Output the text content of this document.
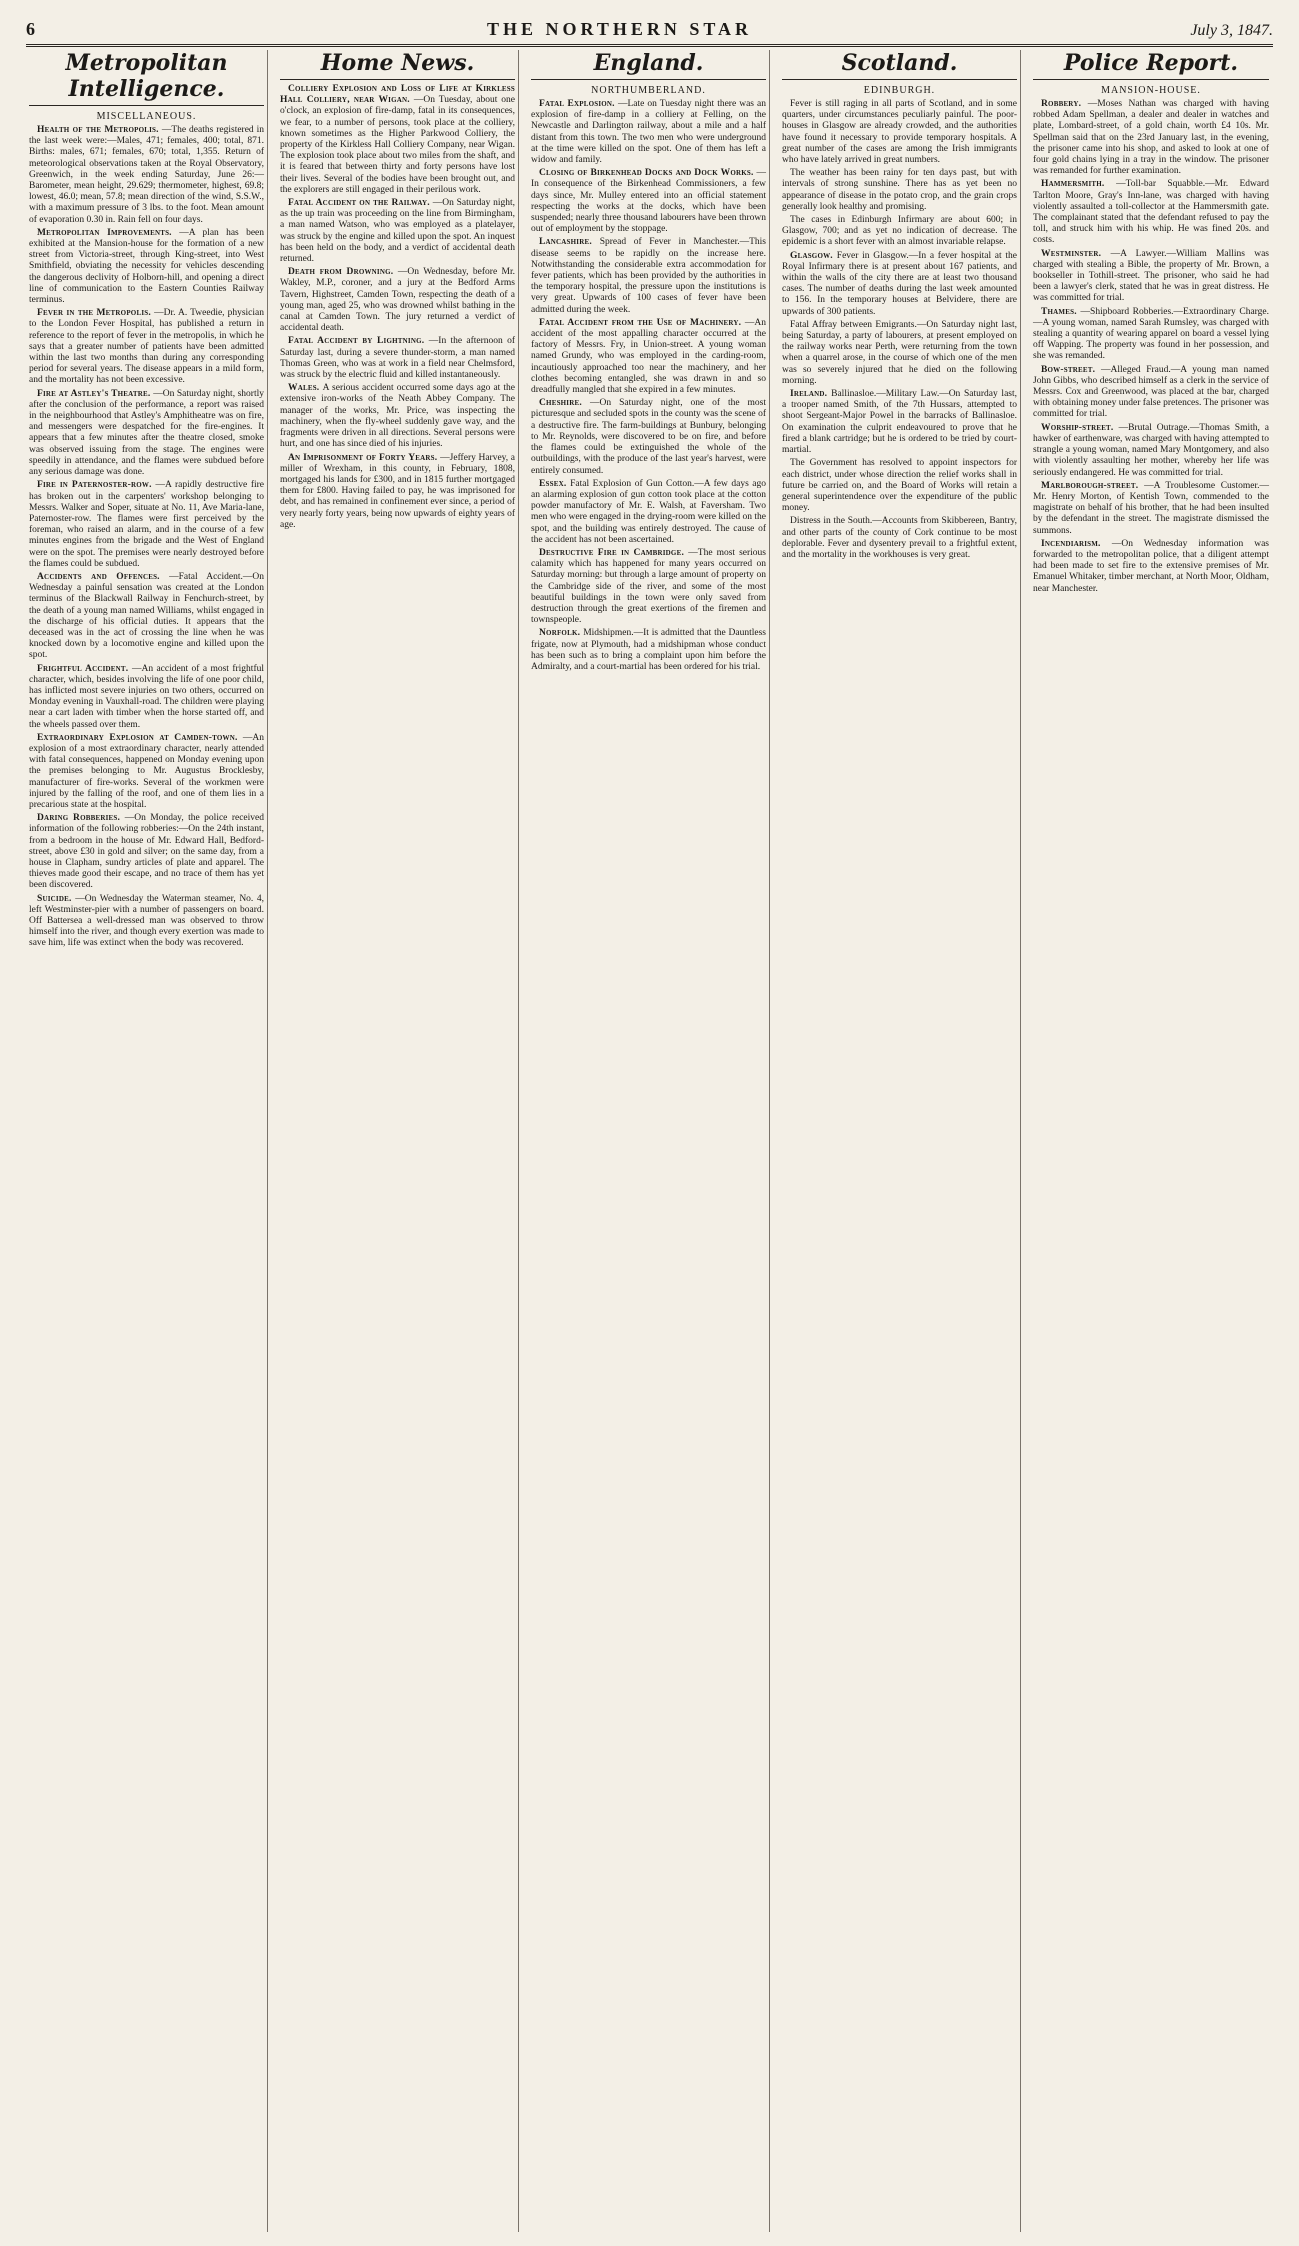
6	THE NORTHERN STAR	July 3, 1847.
Metropolitan Intelligence.
MISCELLANEOUS.

Health of the Metropolis. —The deaths registered in the last week were:—Males, 471; females, 400; total, 871. Births: males, 671; females, 670; total, 1,355. Return of meteorological observations taken at the Royal Observatory, Greenwich, in the week ending Saturday, June 26:—Barometer, mean height, 29.629; thermometer, highest, 69.8; lowest, 46.0; mean, 57.8; mean direction of the wind, S.S.W., with a maximum pressure of 3 lbs. to the foot. Mean amount of evaporation 0.30 in. Rain fell on four days.

Metropolitan Improvements. —A plan has been exhibited at the Mansion-house for the formation of a new street from Victoria-street, through King-street, into West Smithfield, obviating the necessity for vehicles descending the dangerous declivity of Holborn-hill, and opening a direct line of communication to the Eastern Counties Railway terminus.

Fever in the Metropolis. —Dr. A. Tweedie, physician to the London Fever Hospital, has published a return in reference to the report of fever in the metropolis, in which he says that a greater number of patients have been admitted within the last two months than during any corresponding period for several years. The disease appears in a mild form, and the mortality has not been excessive.

Fire at Astley's Theatre. —On Saturday night, shortly after the conclusion of the performance, a report was raised in the neighbourhood that Astley's Amphitheatre was on fire, and messengers were despatched for the fire-engines. It appears that a few minutes after the theatre closed, smoke was observed issuing from the stage. The engines were speedily in attendance, and the flames were subdued before any serious damage was done.

Fire in Paternoster-row. —A rapidly destructive fire has broken out in the carpenters' workshop belonging to Messrs. Walker and Soper, situate at No. 11, Ave Maria-lane, Paternoster-row. The flames were first perceived by the foreman, who raised an alarm, and in the course of a few minutes engines from the brigade and the West of England were on the spot. The premises were nearly destroyed before the flames could be subdued.

Accidents and Offences. —Fatal Accident.—On Wednesday a painful sensation was created at the London terminus of the Blackwall Railway in Fenchurch-street, by the death of a young man named Williams, whilst engaged in the discharge of his official duties. It appears that the deceased was in the act of crossing the line when he was knocked down by a locomotive engine and killed upon the spot.

Frightful Accident. —An accident of a most frightful character, which, besides involving the life of one poor child, has inflicted most severe injuries on two others, occurred on Monday evening in Vauxhall-road. The children were playing near a cart laden with timber when the horse started off, and the wheels passed over them.

Extraordinary Explosion at Camden-town. —An explosion of a most extraordinary character, nearly attended with fatal consequences, happened on Monday evening upon the premises belonging to Mr. Augustus Brocklesby, manufacturer of fire-works. Several of the workmen were injured by the falling of the roof, and one of them lies in a precarious state at the hospital.

Daring Robberies. —On Monday, the police received information of the following robberies:—On the 24th instant, from a bedroom in the house of Mr. Edward Hall, Bedford-street, above £30 in gold and silver; on the same day, from a house in Clapham, sundry articles of plate and apparel. The thieves made good their escape, and no trace of them has yet been discovered.

Suicide. —On Wednesday the Waterman steamer, No. 4, left Westminster-pier with a number of passengers on board. Off Battersea a well-dressed man was observed to throw himself into the river, and though every exertion was made to save him, life was extinct when the body was recovered.

Home News.

Colliery Explosion and Loss of Life at Kirkless Hall Colliery, near Wigan. —On Tuesday, about one o'clock, an explosion of fire-damp, fatal in its consequences, we fear, to a number of persons, took place at the colliery, known sometimes as the Higher Parkwood Colliery, the property of the Kirkless Hall Colliery Company, near Wigan. The explosion took place about two miles from the shaft, and it is feared that between thirty and forty persons have lost their lives. Several of the bodies have been brought out, and the explorers are still engaged in their perilous work.

Fatal Accident on the Railway. —On Saturday night, as the up train was proceeding on the line from Birmingham, a man named Watson, who was employed as a platelayer, was struck by the engine and killed upon the spot. An inquest has been held on the body, and a verdict of accidental death returned.

Death from Drowning. —On Wednesday, before Mr. Wakley, M.P., coroner, and a jury at the Bedford Arms Tavern, Highstreet, Camden Town, respecting the death of a young man, aged 25, who was drowned whilst bathing in the canal at Camden Town. The jury returned a verdict of accidental death.

Fatal Accident by Lightning. —In the afternoon of Saturday last, during a severe thunder-storm, a man named Thomas Green, who was at work in a field near Chelmsford, was struck by the electric fluid and killed instantaneously.

Wales. A serious accident occurred some days ago at the extensive iron-works of the Neath Abbey Company. The manager of the works, Mr. Price, was inspecting the machinery, when the fly-wheel suddenly gave way, and the fragments were driven in all directions. Several persons were hurt, and one has since died of his injuries.

An Imprisonment of Forty Years. —Jeffery Harvey, a miller of Wrexham, in this county, in February, 1808, mortgaged his lands for £300, and in 1815 further mortgaged them for £800. Having failed to pay, he was imprisoned for debt, and has remained in confinement ever since, a period of very nearly forty years, being now upwards of eighty years of age.

England.
NORTHUMBERLAND.

Fatal Explosion. —Late on Tuesday night there was an explosion of fire-damp in a colliery at Felling, on the Newcastle and Darlington railway, about a mile and a half distant from this town. The two men who were underground at the time were killed on the spot. One of them has left a widow and family.

Closing of Birkenhead Docks and Dock Works. —In consequence of the Birkenhead Commissioners, a few days since, Mr. Mulley entered into an official statement respecting the works at the docks, which have been suspended; nearly three thousand labourers have been thrown out of employment by the stoppage.

Lancashire. Spread of Fever in Manchester.—This disease seems to be rapidly on the increase here. Notwithstanding the considerable extra accommodation for fever patients, which has been provided by the authorities in the temporary hospital, the pressure upon the institutions is very great. Upwards of 100 cases of fever have been admitted during the week.

Fatal Accident from the Use of Machinery. —An accident of the most appalling character occurred at the factory of Messrs. Fry, in Union-street. A young woman named Grundy, who was employed in the carding-room, incautiously approached too near the machinery, and her clothes becoming entangled, she was drawn in and so dreadfully mangled that she expired in a few minutes.

Cheshire. —On Saturday night, one of the most picturesque and secluded spots in the county was the scene of a destructive fire. The farm-buildings at Bunbury, belonging to Mr. Reynolds, were discovered to be on fire, and before the flames could be extinguished the whole of the outbuildings, with the produce of the last year's harvest, were entirely consumed.

Essex. Fatal Explosion of Gun Cotton.—A few days ago an alarming explosion of gun cotton took place at the cotton powder manufactory of Mr. E. Walsh, at Faversham. Two men who were engaged in the drying-room were killed on the spot, and the building was entirely destroyed. The cause of the accident has not been ascertained.

Destructive Fire in Cambridge. —The most serious calamity which has happened for many years occurred on Saturday morning: but through a large amount of property on the Cambridge side of the river, and some of the most beautiful buildings in the town were only saved from destruction through the great exertions of the firemen and townspeople.

Norfolk. Midshipmen.—It is admitted that the Dauntless frigate, now at Plymouth, had a midshipman whose conduct has been such as to bring a complaint upon him before the Admiralty, and a court-martial has been ordered for his trial.

Scotland.
EDINBURGH.

Fever is still raging in all parts of Scotland, and in some quarters, under circumstances peculiarly painful. The poor-houses in Glasgow are already crowded, and the authorities have found it necessary to provide temporary hospitals. A great number of the cases are among the Irish immigrants who have lately arrived in great numbers.

The weather has been rainy for ten days past, but with intervals of strong sunshine. There has as yet been no appearance of disease in the potato crop, and the grain crops generally look healthy and promising.

The cases in Edinburgh Infirmary are about 600; in Glasgow, 700; and as yet no indication of decrease. The epidemic is a short fever with an almost invariable relapse.

Glasgow. Fever in Glasgow.—In a fever hospital at the Royal Infirmary there is at present about 167 patients, and within the walls of the city there are at least two thousand cases. The number of deaths during the last week amounted to 156. In the temporary houses at Belvidere, there are upwards of 300 patients.

Fatal Affray between Emigrants.—On Saturday night last, being Saturday, a party of labourers, at present employed on the railway works near Perth, were returning from the town when a quarrel arose, in the course of which one of the men was so severely injured that he died on the following morning.

Ireland. Ballinasloe.—Military Law.—On Saturday last, a trooper named Smith, of the 7th Hussars, attempted to shoot Sergeant-Major Powel in the barracks of Ballinasloe. On examination the culprit endeavoured to prove that he fired a blank cartridge; but he is ordered to be tried by court-martial.

The Government has resolved to appoint inspectors for each district, under whose direction the relief works shall in future be carried on, and the Board of Works will retain a general superintendence over the expenditure of the public money.

Distress in the South.—Accounts from Skibbereen, Bantry, and other parts of the county of Cork continue to be most deplorable. Fever and dysentery prevail to a frightful extent, and the mortality in the workhouses is very great.

Police Report.
MANSION-HOUSE.

Robbery. —Moses Nathan was charged with having robbed Adam Spellman, a dealer and dealer in watches and plate, Lombard-street, of a gold chain, worth £4 10s. Mr. Spellman said that on the 23rd January last, in the evening, the prisoner came into his shop, and asked to look at one of four gold chains lying in a tray in the window. The prisoner was remanded for further examination.

Hammersmith. —Toll-bar Squabble.—Mr. Edward Tarlton Moore, Gray's Inn-lane, was charged with having violently assaulted a toll-collector at the Hammersmith gate. The complainant stated that the defendant refused to pay the toll, and struck him with his whip. He was fined 20s. and costs.

Westminster. —A Lawyer.—William Mallins was charged with stealing a Bible, the property of Mr. Brown, a bookseller in Tothill-street. The prisoner, who said he had been a lawyer's clerk, stated that he was in great distress. He was committed for trial.

Thames. —Shipboard Robberies.—Extraordinary Charge.—A young woman, named Sarah Rumsley, was charged with stealing a quantity of wearing apparel on board a vessel lying off Wapping. The property was found in her possession, and she was remanded.

Bow-street. —Alleged Fraud.—A young man named John Gibbs, who described himself as a clerk in the service of Messrs. Cox and Greenwood, was placed at the bar, charged with obtaining money under false pretences. The prisoner was committed for trial.

Worship-street. —Brutal Outrage.—Thomas Smith, a hawker of earthenware, was charged with having attempted to strangle a young woman, named Mary Montgomery, and also with violently assaulting her mother, whereby her life was seriously endangered. He was committed for trial.

Marlborough-street. —A Troublesome Customer.—Mr. Henry Morton, of Kentish Town, commended to the magistrate on behalf of his brother, that he had been insulted by the defendant in the street. The magistrate dismissed the summons.

Incendiarism. —On Wednesday information was forwarded to the metropolitan police, that a diligent attempt had been made to set fire to the extensive premises of Mr. Emanuel Whitaker, timber merchant, at North Moor, Oldham, near Manchester.
